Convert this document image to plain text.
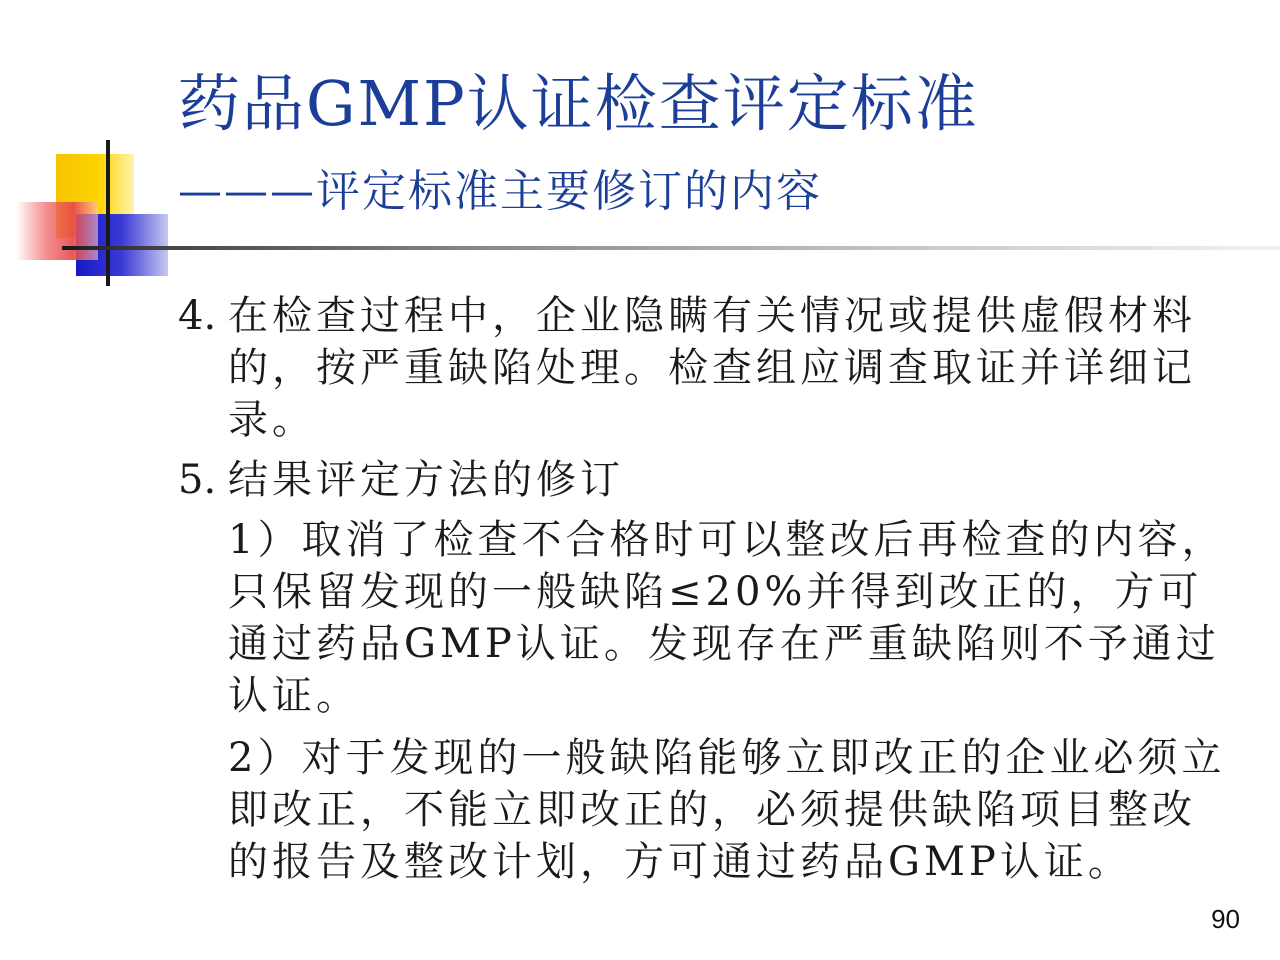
药品GMP认证检查评定标准
———评定标准主要修订的内容
4. 在检查过程中，企业隐瞒有关情况或提供虚假材料的，按严重缺陷处理。检查组应调查取证并详细记录。
5. 结果评定方法的修订
1）取消了检查不合格时可以整改后再检查的内容，只保留发现的一般缺陷≤20%并得到改正的，方可通过药品GMP认证。发现存在严重缺陷则不予通过认证。
2）对于发现的一般缺陷能够立即改正的企业必须立即改正，不能立即改正的，必须提供缺陷项目整改的报告及整改计划，方可通过药品GMP认证。
90
